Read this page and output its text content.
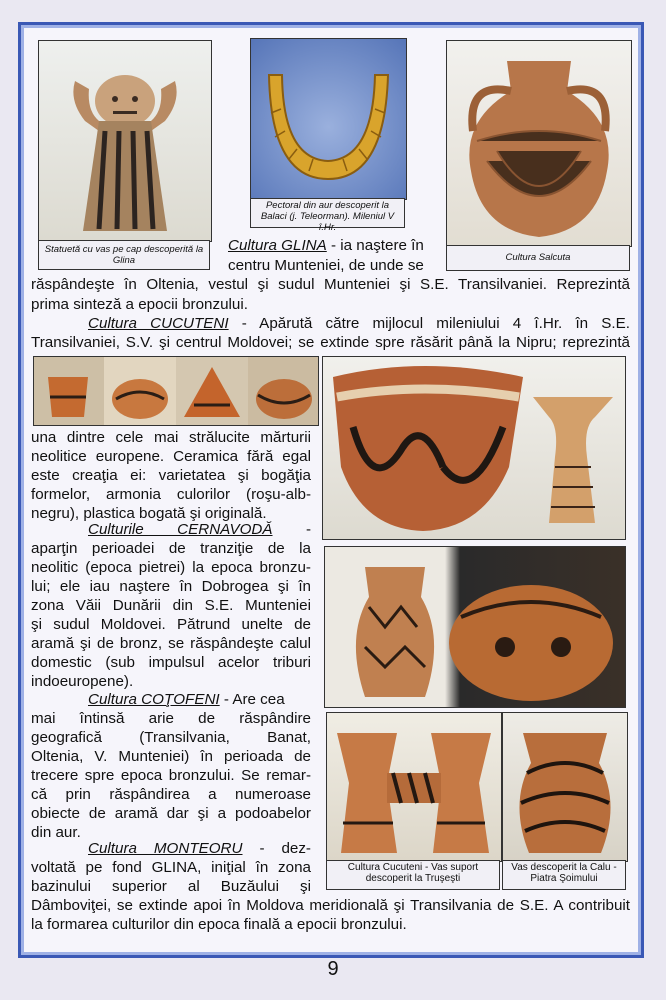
Statuetă cu vas pe cap descoperită la Glina
Pectoral din aur descoperit la Balaci (j. Teleorman). Mileniul V î.Hr.
Cultura Salcuta
Cultura GLINA - ia naştere în
centru Munteniei, de unde se
răspândeşte în Oltenia, vestul şi sudul Munteniei şi S.E. Transilvaniei. Reprezintă
prima sinteză a epocii bronzului.
Cultura CUCUTENI - Apărută către mijlocul mileniului 4 î.Hr. în S.E.
Transilvaniei, S.V. şi centrul Moldovei; se extinde spre răsărit până la Nipru; reprezintă
una dintre cele mai strălucite mărturii
neolitice europene. Ceramica fără egal
este creaţia ei: varietatea şi bogăţia
formelor, armonia culorilor (roşu-alb-
negru), plastica bogată şi originală.
Culturile CERNAVODĂ -
aparţin perioadei de tranziţie de la
neolitic (epoca pietrei) la epoca bronzu-
lui; ele iau naştere în Dobrogea şi în
zona Văii Dunării din S.E. Munteniei
şi sudul Moldovei. Pătrund unelte de
aramă şi de bronz, se răspândeşte calul
domestic (sub impulsul acelor triburi
indoeuropene).
Cultura COŢOFENI - Are cea
mai întinsă arie de răspândire
geografică (Transilvania, Banat,
Oltenia, V. Munteniei) în perioada de
trecere spre epoca bronzului. Se remar-
că prin răspândirea a numeroase
obiecte de aramă dar şi a podoabelor
din aur.
Cultura Cucuteni - Vas suport descoperit la Truşeşti
Vas descoperit la Calu - Piatra Şoimului
Cultura MONTEORU - dez-
voltată pe fond GLINA, iniţial în zona
bazinului superior al Buzăului şi
Dâmboviţei, se extinde apoi în Moldova meridională şi Transilvania de S.E. A contribuit
la formarea culturilor din epoca finală a epocii bronzului.
9
